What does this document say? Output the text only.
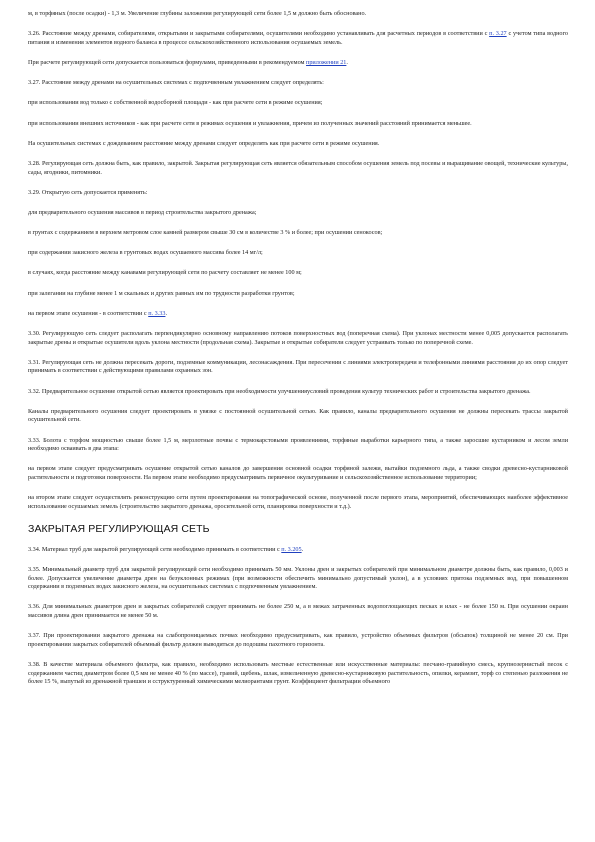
м, в торфяных (после осадки) - 1,3 м. Увеличение глубины заложения регулирующей сети более 1,5 м должно быть обосновано.

3.26. Расстояние между дренами, собирателями, открытыми и закрытыми собирателями, осушителями необходимо устанавливать для расчетных периодов в соответствии с п. 3.27 с учетом типа водного питания и изменения элементов водного баланса в процессе сельскохозяйственного использования осушаемых земель.

При расчете регулирующей сети допускается пользоваться формулами, приведенными в рекомендуемом приложении 21.

3.27. Расстояние между дренами на осушительных системах с подпочвенным увлажнением следует определять:

при использовании вод только с собственной водосборной площади - как при расчете сети в режиме осушения;

при использовании внешних источников - как при расчете сети в режимах осушения и увлажнения, причем из полученных значений расстояний принимается меньшее.

На осушительных системах с дождеванием расстояние между дренами следует определять как при расчете сети в режиме осушения.

3.28. Регулирующая сеть должна быть, как правило, закрытой. Закрытая регулирующая сеть является обязательным способом осушения земель под посевы и выращивание овощей, технические культуры, сады, ягодники, питомники.

3.29. Открытую сеть допускается применять:

для предварительного осушения массивов в период строительства закрытого дренажа;

в грунтах с содержанием в верхнем метровом слое камней размером свыше 30 см в количестве 3 % и более; при осушении сенокосов;

при содержании закисного железа в грунтовых водах осушаемого массива более 14 мг/л;

в случаях, когда расстояние между канавами регулирующей сети по расчету составляет не менее 100 м;

при залегании на глубине менее 1 м скальных и других равных им по трудности разработки грунтов;

на первом этапе осушения - в соответствии с п. 3.33.

3.30. Регулирующую сеть следует располагать перпендикулярно основному направлению потоков поверхностных вод (поперечная схема). При уклонах местности менее 0,005 допускается располагать закрытые дрены и открытые осушители вдоль уклона местности (продольная схема). Закрытые и открытые собиратели следует устраивать только по поперечной схеме.

3.31. Регулирующая сеть не должна пересекать дороги, подземные коммуникации, лесонасаждения. При пересечении с линиями электропередачи и телефонными линиями расстояния до их опор следует принимать в соответствии с действующими правилами охранных зон.

3.32. Предварительное осушение открытой сетью является проектировать при необходимости улучшенияусловий проведения культур технических работ и строительства закрытого дренажа.

Каналы предварительного осушения следует проектировать в увязке с постоянной осушительной сетью. Как правило, каналы предварительного осушения не должны пересекать трассы закрытой осушительной сети.

3.33. Болота с торфом мощностью свыше более 1,5 м, мерзлотные почвы с термокарстовыми проявлениями, торфяные выработки карьерного типа, а также заросшие кустарником и лесом земли необходимо осваивать в два этапа:

на первом этапе следует предусматривать осушение открытой сетью каналов до завершения основной осадки торфяной залежи, вытайки подземного льда, а также сводки древесно-кустарниковой растительности и подготовки поверхности. На первом этапе необходимо предусматривать первичное окультуривание и сельскохозяйственное использование территории;

на втором этапе следует осуществлять реконструкцию сети путем проектирования на топографической основе, полученной после первого этапа, мероприятий, обеспечивающих наиболее эффективное использование осушаемых земель (строительство закрытого дренажа, оросительной сети, планировка поверхности и т.д.).

ЗАКРЫТАЯ РЕГУЛИРУЮЩАЯ СЕТЬ

3.34. Материал труб для закрытой регулирующей сети необходимо принимать в соответствии с п. 3.205.

3.35. Минимальный диаметр труб для закрытой регулирующей сети необходимо принимать 50 мм. Уклоны дрен и закрытых собирателей при минимальном диаметре должны быть, как правило, 0,003 и более. Допускается увеличение диаметра дрен на безуклонных режимах (при возможности обеспечить минимально допустимый уклон), а в условиях притока подземных вод, при повышенном содержании в подземных водах закисного железа, на осушительных системах с подпочвенным увлажнением.

3.36. Для минимальных диаметров дрен и закрытых собирателей следует принимать не более 250 м, а в межах затраченных водопоглощающих песках и илах - не более 150 м. При осушении окраин массивов длина дрен принимается не менее 50 м.

3.37. При проектировании закрытого дренажа на слабопроницаемых почвах необходимо предусматривать, как правило, устройство объемных фильтров (обсыпок) толщиной не менее 20 см. При проектировании закрытых собирателей объемный фильтр должен выводиться до подошвы пахотного горизонта.

3.38. В качестве материала объемного фильтра, как правило, необходимо использовать местные естественные или искусственные материалы: песчано-гравийную смесь, крупнозернистый песок с содержанием частиц диаметром более 0,5 мм не менее 40 % (по массе), гравий, щебень, шлак, измельченную древесно-кустарниковую растительность, опилки, керамзит, торф со степенью разложения не более 15 %, выпутый из дренажной траншеи и сструктуренный химическими мелиорантами грунт. Коэффициент фильтрации объемного
